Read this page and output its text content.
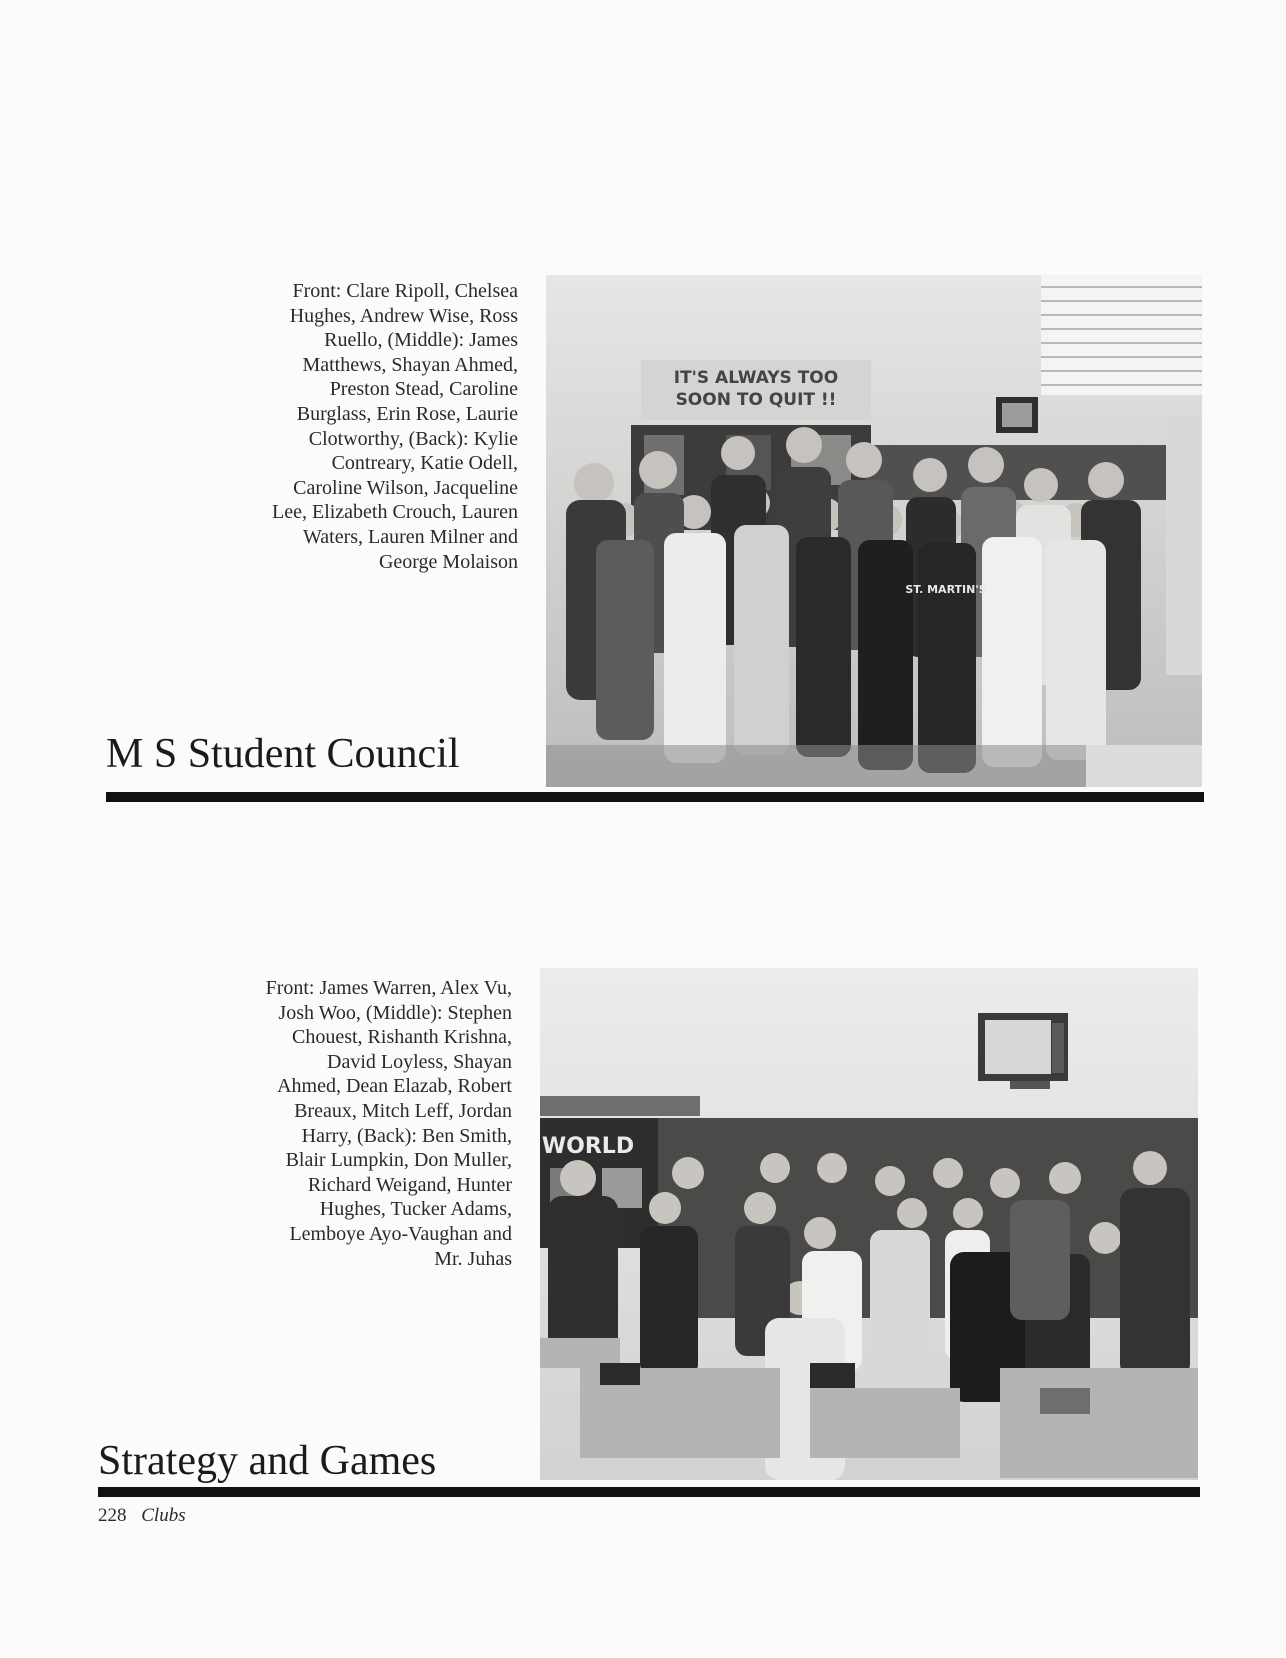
Front: Clare Ripoll, Chelsea Hughes, Andrew Wise, Ross Ruello, (Middle): James Matthews, Shayan Ahmed, Preston Stead, Caroline Burglass, Erin Rose, Laurie Clotworthy, (Back): Kylie Contreary, Katie Odell, Caroline Wilson, Jacqueline Lee, Elizabeth Crouch, Lauren Waters, Lauren Milner and George Molaison
IT'S ALWAYS TOO
SOON TO QUIT !!
ST. MARTIN'S
M S Student Council
Front: James Warren, Alex Vu, Josh Woo, (Middle): Stephen Chouest, Rishanth Krishna, David Loyless, Shayan Ahmed, Dean Elazab, Robert Breaux, Mitch Leff, Jordan Harry, (Back): Ben Smith, Blair Lumpkin, Don Muller, Richard Weigand, Hunter Hughes, Tucker Adams, Lemboye Ayo-Vaughan and Mr. Juhas
WORLD
Strategy and Games
228 Clubs
